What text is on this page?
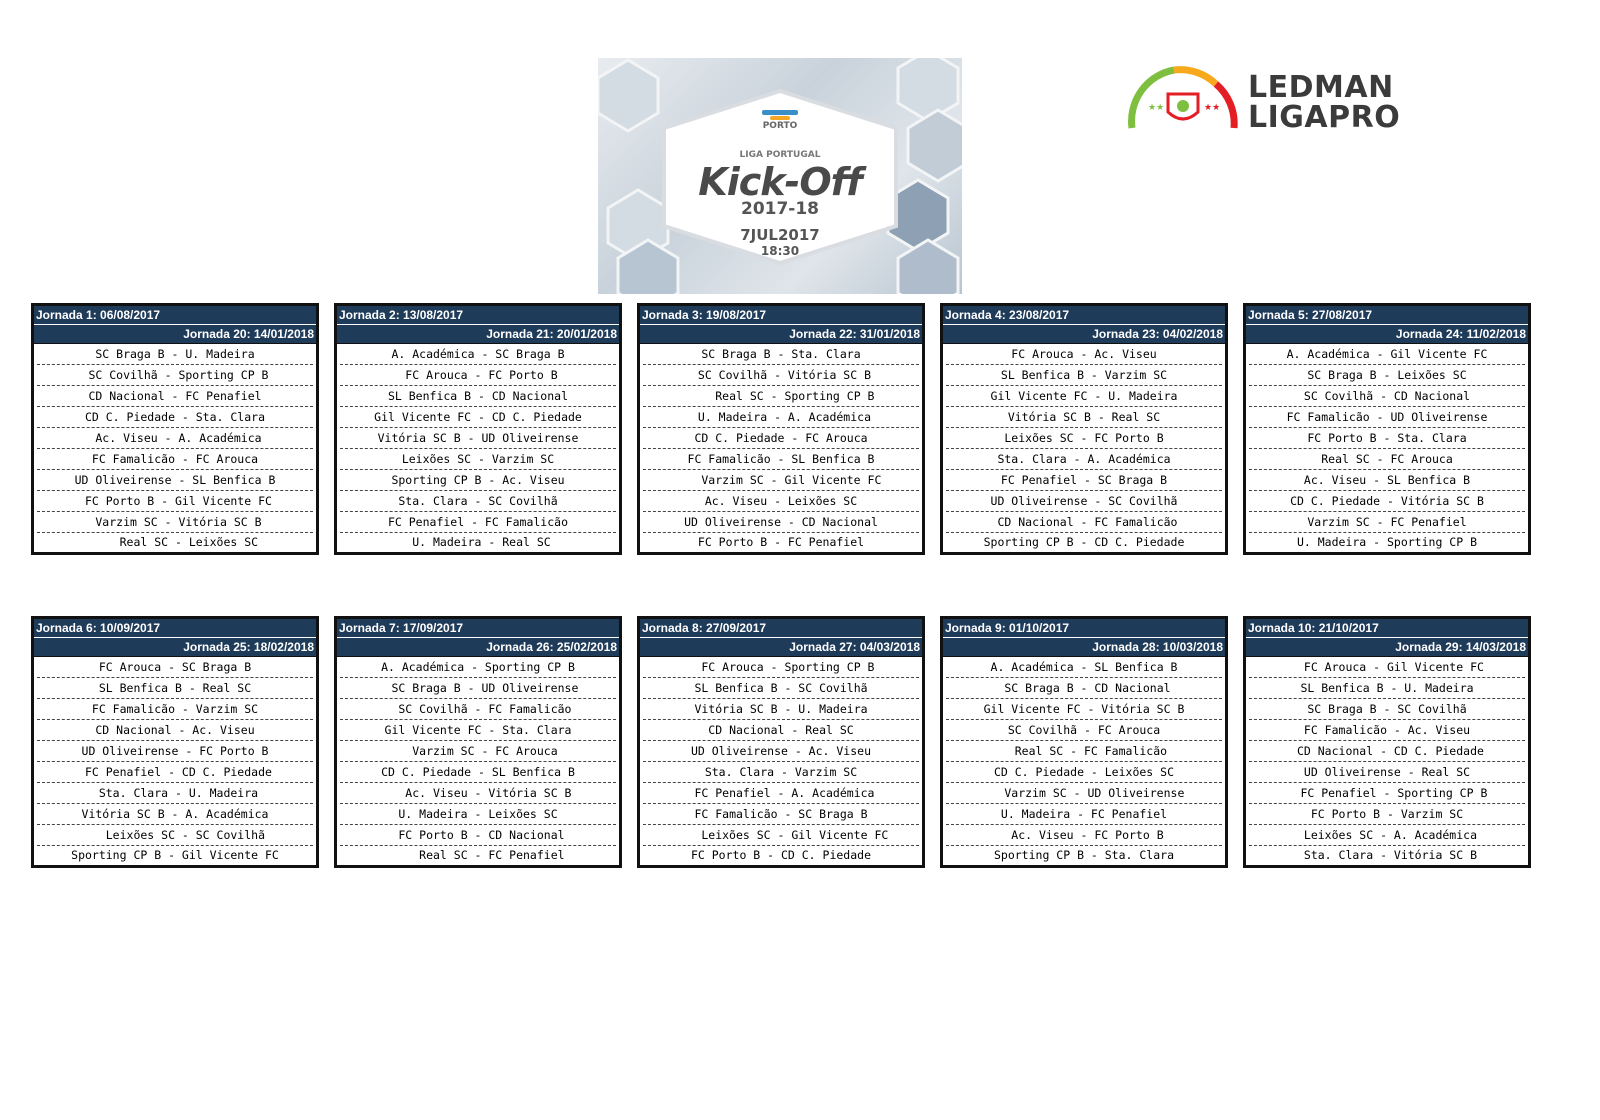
PORTO
LIGA PORTUGAL
Kick-Off
2017-18
7JUL2017
18:30
★★	★★
LEDMAN
LIGAPRO
Jornada 1: 06/08/2017
Jornada 20: 14/01/2018
SC Braga B - U. Madeira
SC Covilhã - Sporting CP B
CD Nacional - FC Penafiel
CD C. Piedade - Sta. Clara
Ac. Viseu - A. Académica
FC Famalicão - FC Arouca
UD Oliveirense - SL Benfica B
FC Porto B - Gil Vicente FC
Varzim SC - Vitória SC B
Real SC - Leixões SC
Jornada 2: 13/08/2017
Jornada 21: 20/01/2018
A. Académica - SC Braga B
FC Arouca - FC Porto B
SL Benfica B - CD Nacional
Gil Vicente FC - CD C. Piedade
Vitória SC B - UD Oliveirense
Leixões SC - Varzim SC
Sporting CP B - Ac. Viseu
Sta. Clara - SC Covilhã
FC Penafiel - FC Famalicão
U. Madeira - Real SC
Jornada 3: 19/08/2017
Jornada 22: 31/01/2018
SC Braga B - Sta. Clara
SC Covilhã - Vitória SC B
Real SC - Sporting CP B
U. Madeira - A. Académica
CD C. Piedade - FC Arouca
FC Famalicão - SL Benfica B
Varzim SC - Gil Vicente FC
Ac. Viseu - Leixões SC
UD Oliveirense - CD Nacional
FC Porto B - FC Penafiel
Jornada 4: 23/08/2017
Jornada 23: 04/02/2018
FC Arouca - Ac. Viseu
SL Benfica B - Varzim SC
Gil Vicente FC - U. Madeira
Vitória SC B - Real SC
Leixões SC - FC Porto B
Sta. Clara - A. Académica
FC Penafiel - SC Braga B
UD Oliveirense - SC Covilhã
CD Nacional - FC Famalicão
Sporting CP B - CD C. Piedade
Jornada 5: 27/08/2017
Jornada 24: 11/02/2018
A. Académica - Gil Vicente FC
SC Braga B - Leixões SC
SC Covilhã - CD Nacional
FC Famalicão - UD Oliveirense
FC Porto B - Sta. Clara
Real SC - FC Arouca
Ac. Viseu - SL Benfica B
CD C. Piedade - Vitória SC B
Varzim SC - FC Penafiel
U. Madeira - Sporting CP B
Jornada 6: 10/09/2017
Jornada 25: 18/02/2018
FC Arouca - SC Braga B
SL Benfica B - Real SC
FC Famalicão - Varzim SC
CD Nacional - Ac. Viseu
UD Oliveirense - FC Porto B
FC Penafiel - CD C. Piedade
Sta. Clara - U. Madeira
Vitória SC B - A. Académica
Leixões SC - SC Covilhã
Sporting CP B - Gil Vicente FC
Jornada 7: 17/09/2017
Jornada 26: 25/02/2018
A. Académica - Sporting CP B
SC Braga B - UD Oliveirense
SC Covilhã - FC Famalicão
Gil Vicente FC - Sta. Clara
Varzim SC - FC Arouca
CD C. Piedade - SL Benfica B
Ac. Viseu - Vitória SC B
U. Madeira - Leixões SC
FC Porto B - CD Nacional
Real SC - FC Penafiel
Jornada 8: 27/09/2017
Jornada 27: 04/03/2018
FC Arouca - Sporting CP B
SL Benfica B - SC Covilhã
Vitória SC B - U. Madeira
CD Nacional - Real SC
UD Oliveirense - Ac. Viseu
Sta. Clara - Varzim SC
FC Penafiel - A. Académica
FC Famalicão - SC Braga B
Leixões SC - Gil Vicente FC
FC Porto B - CD C. Piedade
Jornada 9: 01/10/2017
Jornada 28: 10/03/2018
A. Académica - SL Benfica B
SC Braga B - CD Nacional
Gil Vicente FC - Vitória SC B
SC Covilhã - FC Arouca
Real SC - FC Famalicão
CD C. Piedade - Leixões SC
Varzim SC - UD Oliveirense
U. Madeira - FC Penafiel
Ac. Viseu - FC Porto B
Sporting CP B - Sta. Clara
Jornada 10: 21/10/2017
Jornada 29: 14/03/2018
FC Arouca - Gil Vicente FC
SL Benfica B - U. Madeira
SC Braga B - SC Covilhã
FC Famalicão - Ac. Viseu
CD Nacional - CD C. Piedade
UD Oliveirense - Real SC
FC Penafiel - Sporting CP B
FC Porto B - Varzim SC
Leixões SC - A. Académica
Sta. Clara - Vitória SC B
